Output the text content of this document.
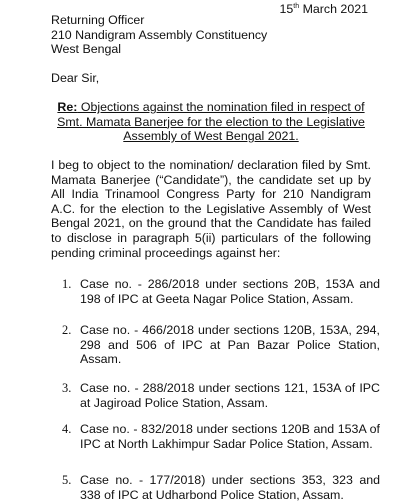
15th March 2021
Returning Officer
210 Nandigram Assembly Constituency
West Bengal
Dear Sir,
Re: Objections against the nomination filed in respect of Smt. Mamata Banerjee for the election to the Legislative Assembly of West Bengal 2021.
I beg to object to the nomination/ declaration filed by Smt. Mamata Banerjee (“Candidate”), the candidate set up by All India Trinamool Congress Party for 210 Nandigram A.C. for the election to the Legislative Assembly of West Bengal 2021, on the ground that the Candidate has failed to disclose in paragraph 5(ii) particulars of the following pending criminal proceedings against her:
1. Case no. - 286/2018 under sections 20B, 153A and 198 of IPC at Geeta Nagar Police Station, Assam.
2. Case no. - 466/2018 under sections 120B, 153A, 294, 298 and 506 of IPC at Pan Bazar Police Station, Assam.
3. Case no. - 288/2018 under sections 121, 153A of IPC at Jagiroad Police Station, Assam.
4. Case no. - 832/2018 under sections 120B and 153A of IPC at North Lakhimpur Sadar Police Station, Assam.
5. Case no. - 177/2018) under sections 353, 323 and 338 of IPC at Udharbond Police Station, Assam.
